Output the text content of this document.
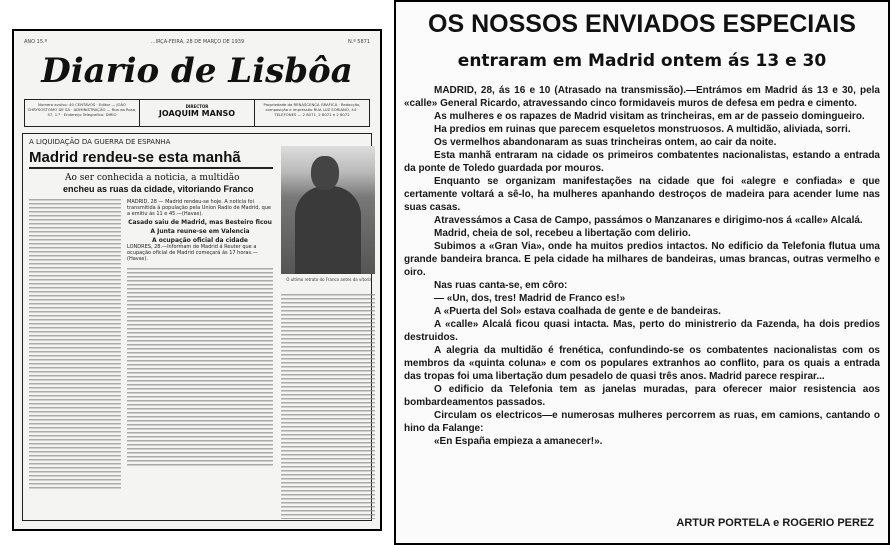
ANO 15.º	...IRÇA-FEIRA, 28 DE MARÇO DE 1939	N.º 5871
Diario de Lisbôa
Numero avulso: 40 CENTAVOS · Editor — JOÃO CHRYSOSTOMO DE SÁ · ADMINISTRAÇÃO — Rua da Rosa, 57, 1.º · Endereço Telegrafico: DIRIO
DIRECTOR
JOAQUIM MANSO
Propriedade da RENASCENÇA GRAFICA · Redacção, composição e impressão RUA LUZ SORIANO, 44 · TELEFONES — 2 8071, 2 8071 e 2 8072
A LIQUIDAÇÃO DA GUERRA DE ESPANHA
Madrid rendeu-se esta manhã
Ao ser conhecida a noticia, a multidão
encheu as ruas da cidade, vitoriando Franco
MADRID, 28 — Madrid rendeu-se hoje. A noticia foi transmitida á população pela Union Radio de Madrid, que a emitiu ás 11 e 45.—(Havas).
Casado saiu de Madrid, mas Besteiro ficou
A Junta reune-se em Valencia
A ocupação oficial da cidade
LONDRES, 28.—Informam de Madrid á Reuter que a ocupação oficial de Madrid começará ás 17 horas.—(Havas).
O ultimo retrato do Franco antes da vitoria
OS NOSSOS ENVIADOS ESPECIAIS
entraram em Madrid ontem ás 13 e 30

MADRID, 28, ás 16 e 10 (Atrasado na transmissão).—Entrámos em Madrid ás 13 e 30, pela «calle» General Ricardo, atravessando cinco formidaveis muros de defesa em pedra e cimento.

As mulheres e os rapazes de Madrid visitam as trincheiras, em ar de passeio domingueiro.

Ha predios em ruinas que parecem esqueletos monstruosos. A multidão, aliviada, sorri.

Os vermelhos abandonaram as suas trincheiras ontem, ao cair da noite.

Esta manhã entraram na cidade os primeiros combatentes nacionalistas, estando a entrada da ponte de Toledo guardada por mouros.

Enquanto se organizam manifestações na cidade que foi «alegre e confiada» e que certamente voltará a sê-lo, ha mulheres apanhando destroços de madeira para acender lume nas suas casas.

Atravessámos a Casa de Campo, passámos o Manzanares e dirigimo-nos á «calle» Alcalá.

Madrid, cheia de sol, recebeu a libertação com delirio.

Subimos a «Gran Via», onde ha muitos predios intactos. No edificio da Telefonia flutua uma grande bandeira branca. E pela cidade ha milhares de bandeiras, umas brancas, outras vermelho e oiro.

Nas ruas canta-se, em côro:

— «Un, dos, tres! Madrid de Franco es!»

A «Puerta del Sol» estava coalhada de gente e de bandeiras.

A «calle» Alcalá ficou quasi intacta. Mas, perto do ministrerio da Fazenda, ha dois predios destruidos.

A alegria da multidão é frenética, confundindo-se os combatentes nacionalistas com os membros da «quinta coluna» e com os populares extranhos ao conflito, para os quais a entrada das tropas foi uma libertação dum pesadelo de quasi três anos. Madrid parece respirar...

O edificio da Telefonia tem as janelas muradas, para oferecer maior resistencia aos bombardeamentos passados.

Circulam os electricos—e numerosas mulheres percorrem as ruas, em camions, cantando o hino da Falange:

«En España empieza a amanecer!».

ARTUR PORTELA e ROGERIO PEREZ
